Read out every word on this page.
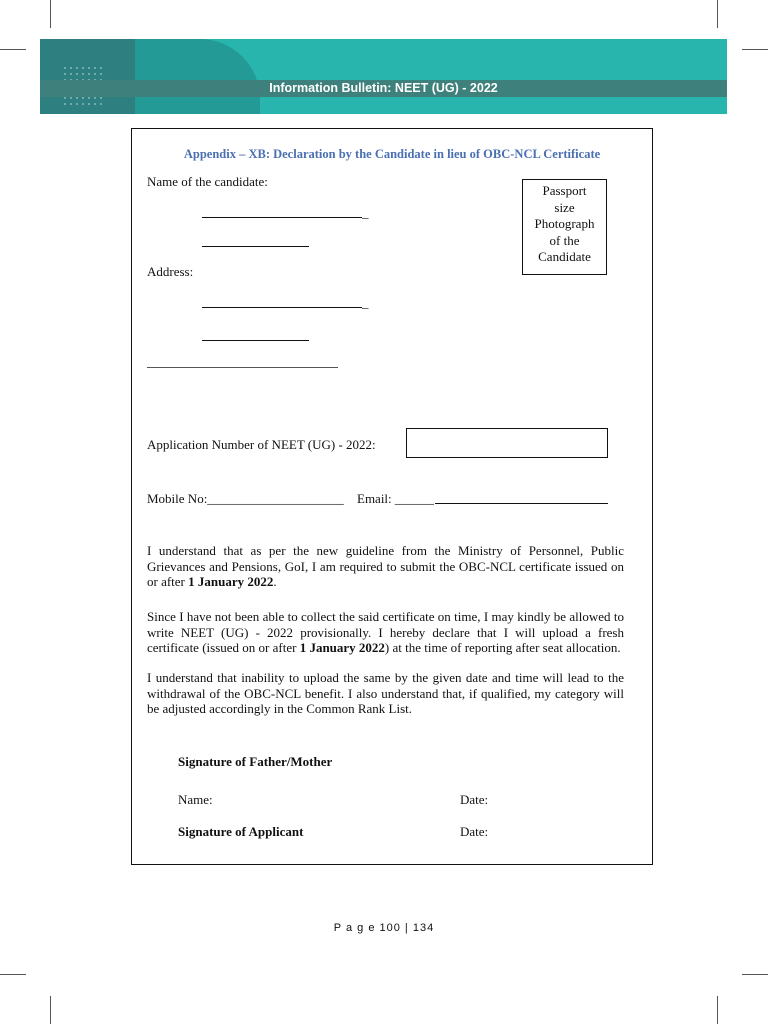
Information Bulletin: NEET (UG) - 2022
Appendix – XB: Declaration by the Candidate in lieu of OBC-NCL Certificate
Name of the candidate:
Passport
size
Photograph
of the
Candidate
_
Address:
_
Application Number of NEET (UG) - 2022:
Mobile No:_____________________ Email: ______
I understand that as per the new guideline from the Ministry of Personnel, Public Grievances and Pensions, GoI, I am required to submit the OBC-NCL certificate issued on or after 1 January 2022.
Since I have not been able to collect the said certificate on time, I may kindly be allowed to write NEET (UG) - 2022 provisionally. I hereby declare that I will upload a fresh certificate (issued on or after 1 January 2022) at the time of reporting after seat allocation.
I understand that inability to upload the same by the given date and time will lead to the withdrawal of the OBC-NCL benefit. I also understand that, if qualified, my category will be adjusted accordingly in the Common Rank List.
Signature of Father/Mother
Name:	Date:
Signature of Applicant	Date:
P a g e 100 | 134
